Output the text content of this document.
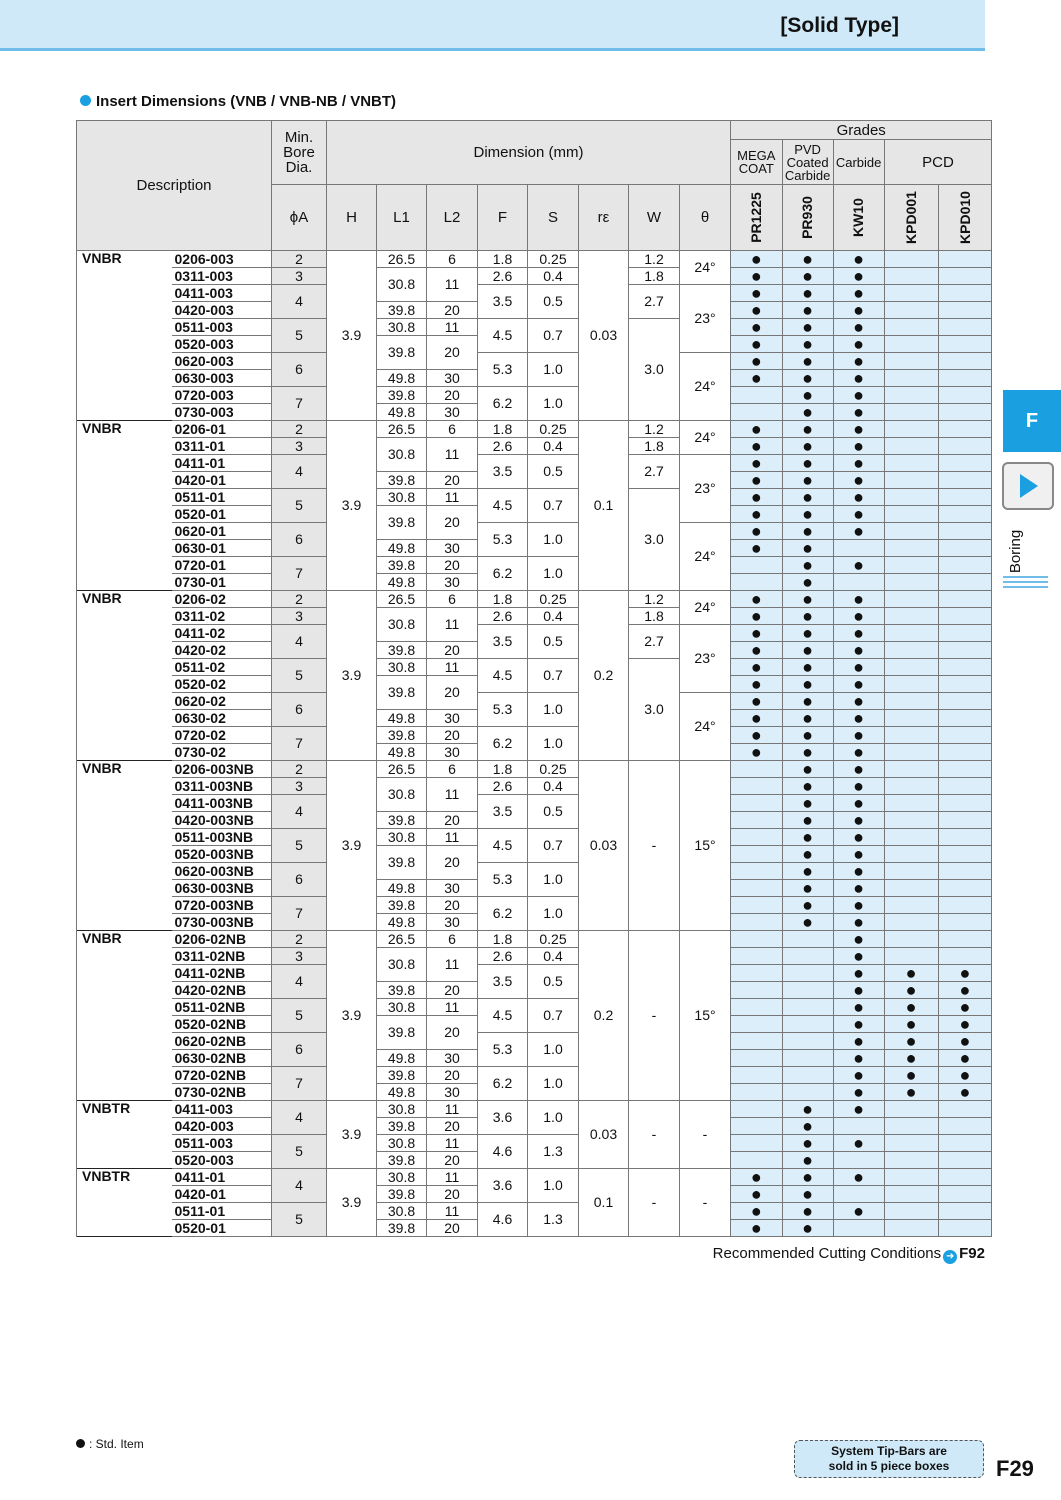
[Solid Type]
Insert Dimensions (VNB / VNB-NB / VNBT)
Description		Min.
Bore
Dia.	Dimension (mm)								Grades				
											MEGA
COAT	PVD
Coated
Carbide	Carbide	PCD	
		ϕA	H	L1	L2	F	S	rε	W	θ	PR1225	PR930	KW10	KPD001	KPD010
VNBR	0206-003	2	3.9	26.5	6	1.8	0.25	0.03	1.2	24°	●	●	●		
	0311-003	3		30.8	11	2.6	0.4		1.8		●	●	●		
	0411-003	4				3.5	0.5		2.7	23°	●	●	●		
	0420-003			39.8	20						●	●	●		
	0511-003	5		30.8	11	4.5	0.7		3.0		●	●	●		
	0520-003			39.8	20						●	●	●		
	0620-003	6				5.3	1.0			24°	●	●	●		
	0630-003			49.8	30						●	●	●		
	0720-003	7		39.8	20	6.2	1.0					●	●		
	0730-003			49.8	30							●	●		
VNBR	0206-01	2	3.9	26.5	6	1.8	0.25	0.1	1.2	24°	●	●	●		
	0311-01	3		30.8	11	2.6	0.4		1.8		●	●	●		
	0411-01	4				3.5	0.5		2.7	23°	●	●	●		
	0420-01			39.8	20						●	●	●		
	0511-01	5		30.8	11	4.5	0.7		3.0		●	●	●		
	0520-01			39.8	20						●	●	●		
	0620-01	6				5.3	1.0			24°	●	●	●		
	0630-01			49.8	30						●	●			
	0720-01	7		39.8	20	6.2	1.0					●	●		
	0730-01			49.8	30							●			
VNBR	0206-02	2	3.9	26.5	6	1.8	0.25	0.2	1.2	24°	●	●	●		
	0311-02	3		30.8	11	2.6	0.4		1.8		●	●	●		
	0411-02	4				3.5	0.5		2.7	23°	●	●	●		
	0420-02			39.8	20						●	●	●		
	0511-02	5		30.8	11	4.5	0.7		3.0		●	●	●		
	0520-02			39.8	20						●	●	●		
	0620-02	6				5.3	1.0			24°	●	●	●		
	0630-02			49.8	30						●	●	●		
	0720-02	7		39.8	20	6.2	1.0				●	●	●		
	0730-02			49.8	30						●	●	●		
VNBR	0206-003NB	2	3.9	26.5	6	1.8	0.25	0.03	-	15°		●	●		
	0311-003NB	3		30.8	11	2.6	0.4					●	●		
	0411-003NB	4				3.5	0.5					●	●		
	0420-003NB			39.8	20							●	●		
	0511-003NB	5		30.8	11	4.5	0.7					●	●		
	0520-003NB			39.8	20							●	●		
	0620-003NB	6				5.3	1.0					●	●		
	0630-003NB			49.8	30							●	●		
	0720-003NB	7		39.8	20	6.2	1.0					●	●		
	0730-003NB			49.8	30							●	●		
VNBR	0206-02NB	2	3.9	26.5	6	1.8	0.25	0.2	-	15°			●		
	0311-02NB	3		30.8	11	2.6	0.4						●		
	0411-02NB	4				3.5	0.5						●	●	●
	0420-02NB			39.8	20								●	●	●
	0511-02NB	5		30.8	11	4.5	0.7						●	●	●
	0520-02NB			39.8	20								●	●	●
	0620-02NB	6				5.3	1.0						●	●	●
	0630-02NB			49.8	30								●	●	●
	0720-02NB	7		39.8	20	6.2	1.0						●	●	●
	0730-02NB			49.8	30								●	●	●
VNBTR	0411-003	4	3.9	30.8	11	3.6	1.0	0.03	-	-		●	●		
	0420-003			39.8	20							●			
	0511-003	5		30.8	11	4.6	1.3					●	●		
	0520-003			39.8	20							●			
VNBTR	0411-01	4	3.9	30.8	11	3.6	1.0	0.1	-	-	●	●	●		
	0420-01			39.8	20						●	●			
	0511-01	5		30.8	11	4.6	1.3				●	●	●		
	0520-01			39.8	20						●	●			
Recommended Cutting Conditions ➜ F92
F
Boring
: Std. Item	System Tip-Bars are
sold in 5 piece boxes	F29
